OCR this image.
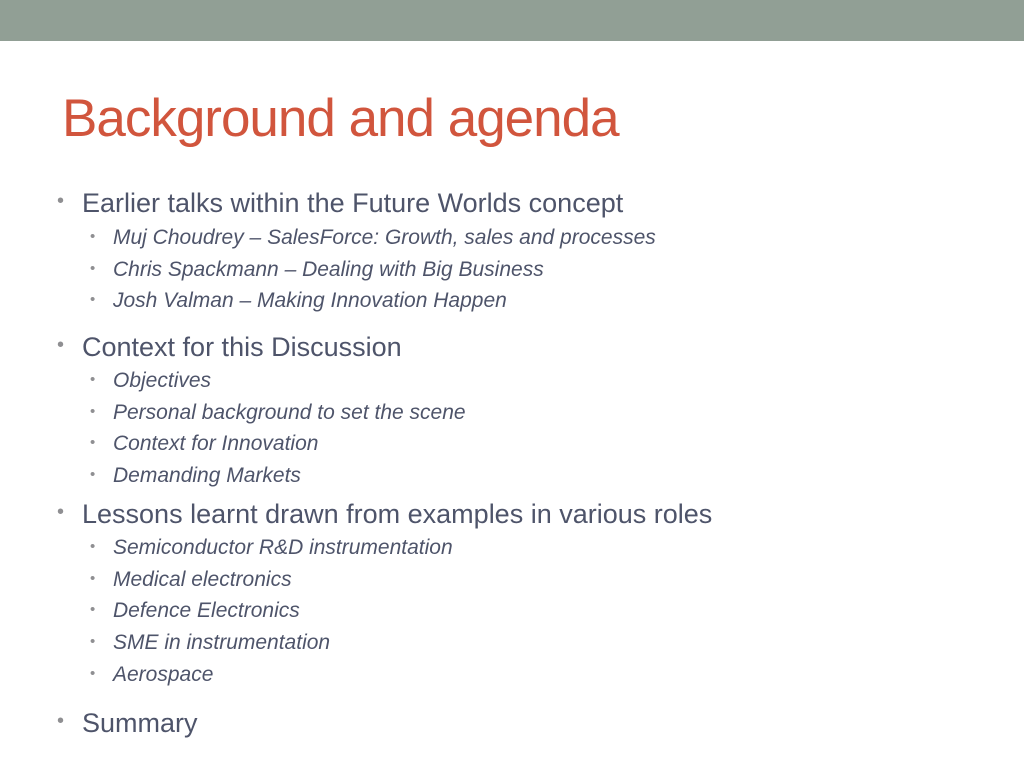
Background and agenda
• Earlier talks within the Future Worlds concept
• Muj Choudrey – SalesForce: Growth, sales and processes
• Chris Spackmann – Dealing with Big Business
• Josh Valman – Making Innovation Happen
• Context for this Discussion
• Objectives
• Personal background to set the scene
• Context for Innovation
• Demanding Markets
• Lessons learnt drawn from examples in various roles
• Semiconductor R&D instrumentation
• Medical electronics
• Defence Electronics
• SME in instrumentation
• Aerospace
• Summary
